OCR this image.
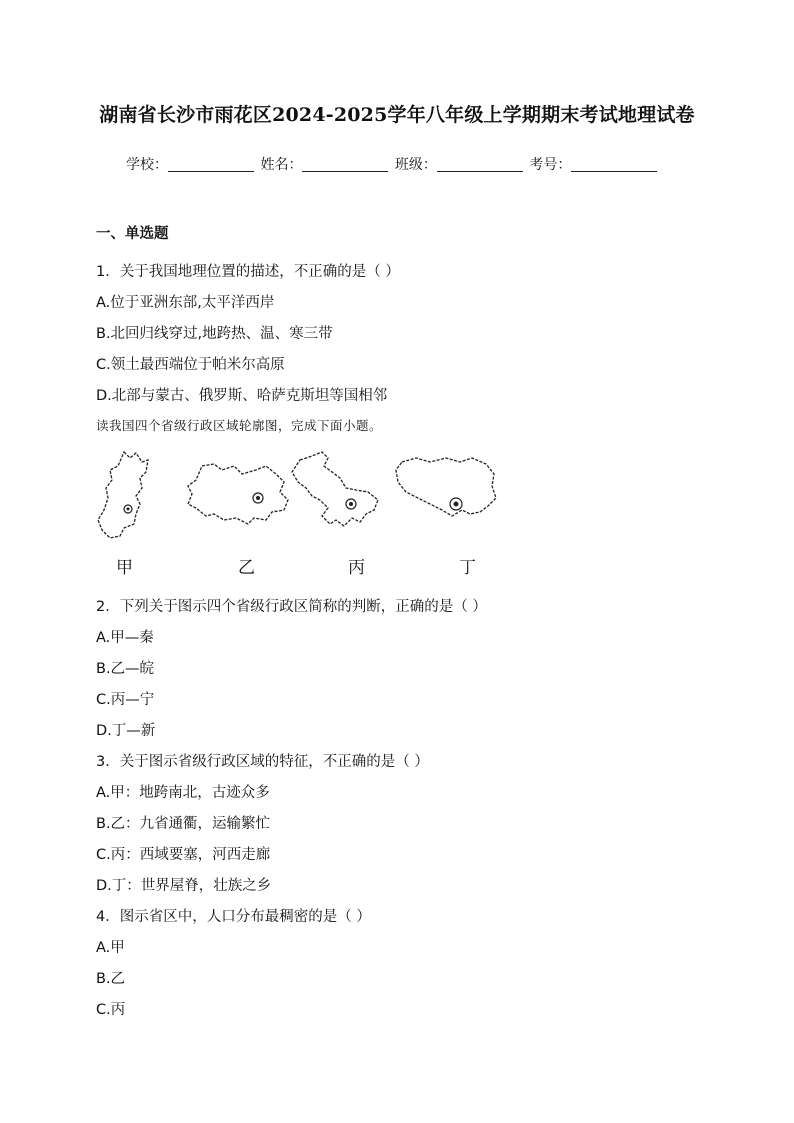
湖南省长沙市雨花区2024-2025学年八年级上学期期末考试地理试卷
学校：	姓名：	班级：	考号：
一、单选题
1．关于我国地理位置的描述，不正确的是（ ）
A.位于亚洲东部,太平洋西岸
B.北回归线穿过,地跨热、温、寒三带
C.领土最西端位于帕米尔高原
D.北部与蒙古、俄罗斯、哈萨克斯坦等国相邻
读我国四个省级行政区域轮廓图，完成下面小题。
甲	乙	丙	丁
2．下列关于图示四个省级行政区简称的判断，正确的是（ ）
A.甲—秦
B.乙—皖
C.丙—宁
D.丁—新
3．关于图示省级行政区域的特征，不正确的是（ ）
A.甲：地跨南北，古迹众多
B.乙：九省通衢，运输繁忙
C.丙：西域要塞，河西走廊
D.丁：世界屋脊，壮族之乡
4．图示省区中，人口分布最稠密的是（ ）
A.甲
B.乙
C.丙
